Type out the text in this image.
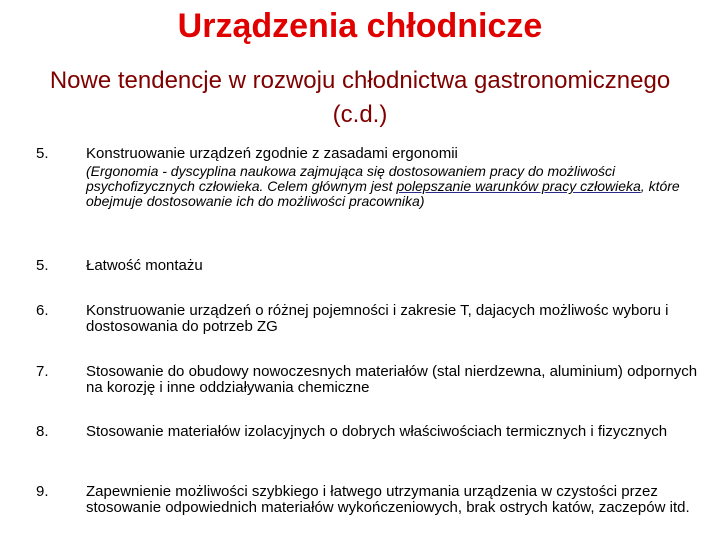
Urządzenia chłodnicze
Nowe tendencje w rozwoju chłodnictwa gastronomicznego (c.d.)
5. Konstruowanie urządzeń zgodnie z zasadami ergonomii
(Ergonomia - dyscyplina naukowa zajmująca się dostosowaniem pracy do możliwości psychofizycznych człowieka. Celem głównym jest polepszanie warunków pracy człowieka, które obejmuje dostosowanie ich do możliwości pracownika)
5. Łatwość montażu
6. Konstruowanie urządzeń o różnej pojemności i zakresie T, dajacych możliwośc wyboru i dostosowania do potrzeb ZG
7. Stosowanie do obudowy nowoczesnych materiałów (stal nierdzewna, aluminium) odpornych na korozję i inne oddziaływania chemiczne
8. Stosowanie materiałów izolacyjnych o dobrych właściwościach termicznych i fizycznych
9. Zapewnienie możliwości szybkiego i łatwego utrzymania urządzenia w czystości przez stosowanie odpowiednich materiałów wykończeniowych, brak ostrych katów, zaczepów itd.
